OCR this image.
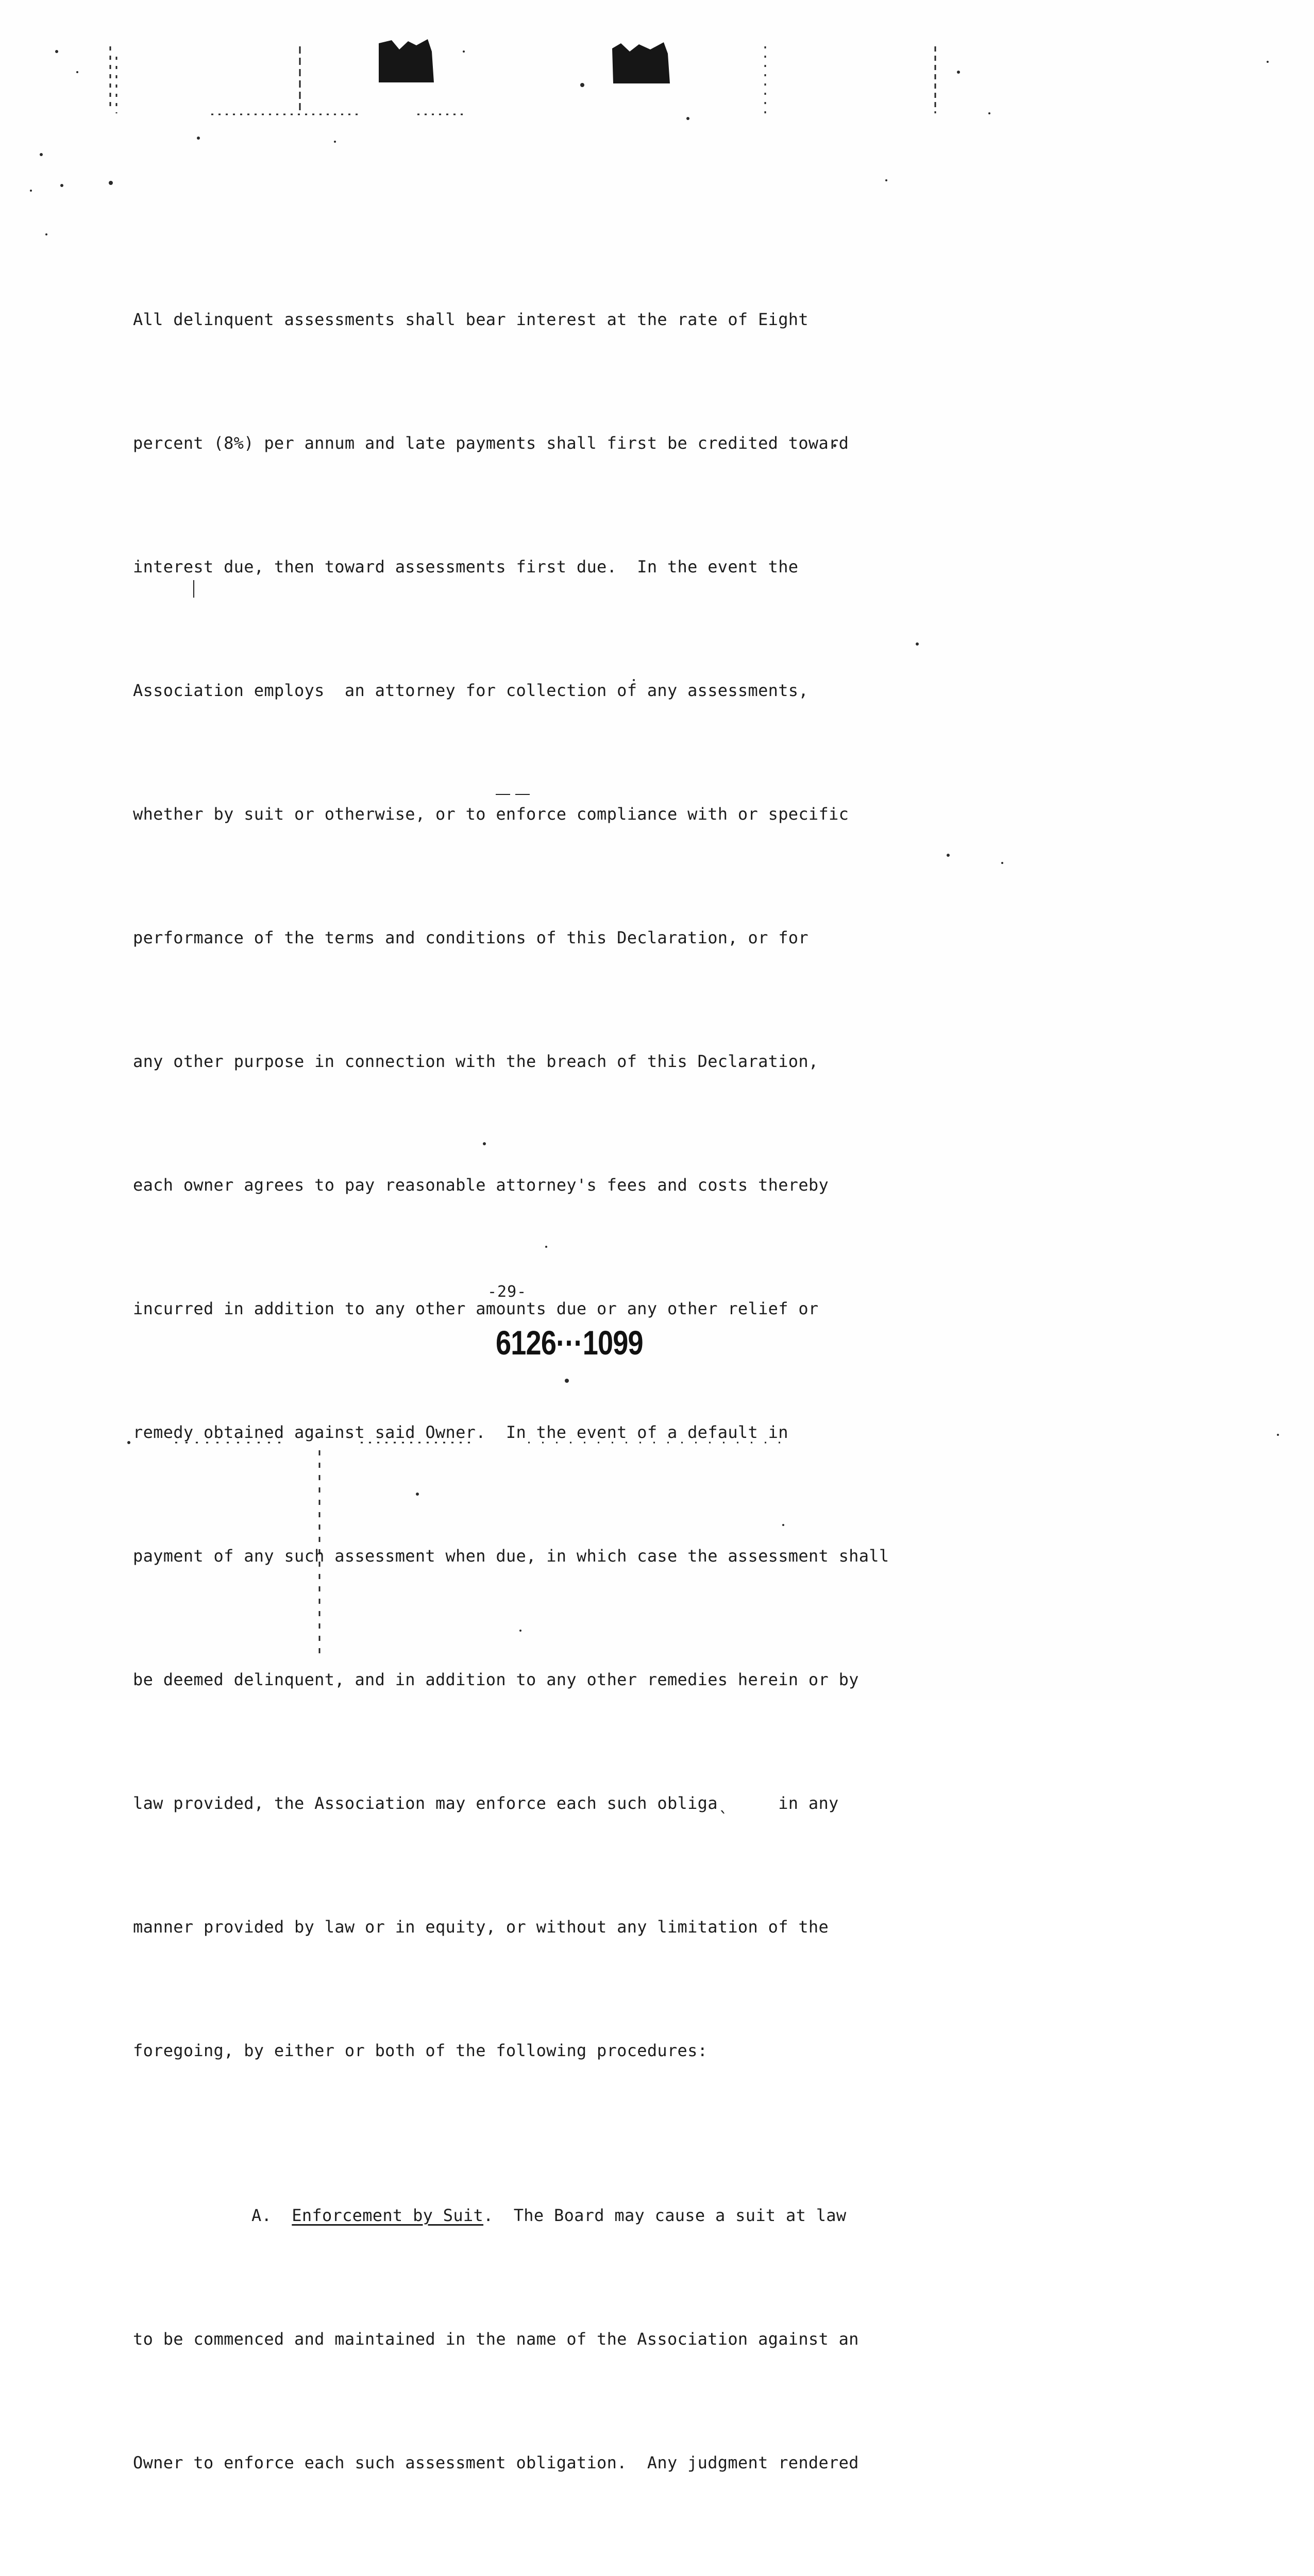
All delinquent assessments shall bear interest at the rate of Eight

percent (8%) per annum and late payments shall first be credited toward

interest due, then toward assessments first due.  In the event the

Association employs  an attorney for collection of any assessments,

whether by suit or otherwise, or to enforce compliance with or specific

performance of the terms and conditions of this Declaration, or for

any other purpose in connection with the breach of this Declaration,

each owner agrees to pay reasonable attorney's fees and costs thereby

incurred in addition to any other amounts due or any other relief or

remedy obtained against said Owner.  In the event of a default in

payment of any such assessment when due, in which case the assessment shall

be deemed delinquent, and in addition to any other remedies herein or by

law provided, the Association may enforce each such obligaˎ     in any

manner provided by law or in equity, or without any limitation of the

foregoing, by either or both of the following procedures:

A. Enforcement by Suit.  The Board may cause a suit at law

to be commenced and maintained in the name of the Association against an

Owner to enforce each such assessment obligation.  Any judgment rendered

-29-
6126···1099
